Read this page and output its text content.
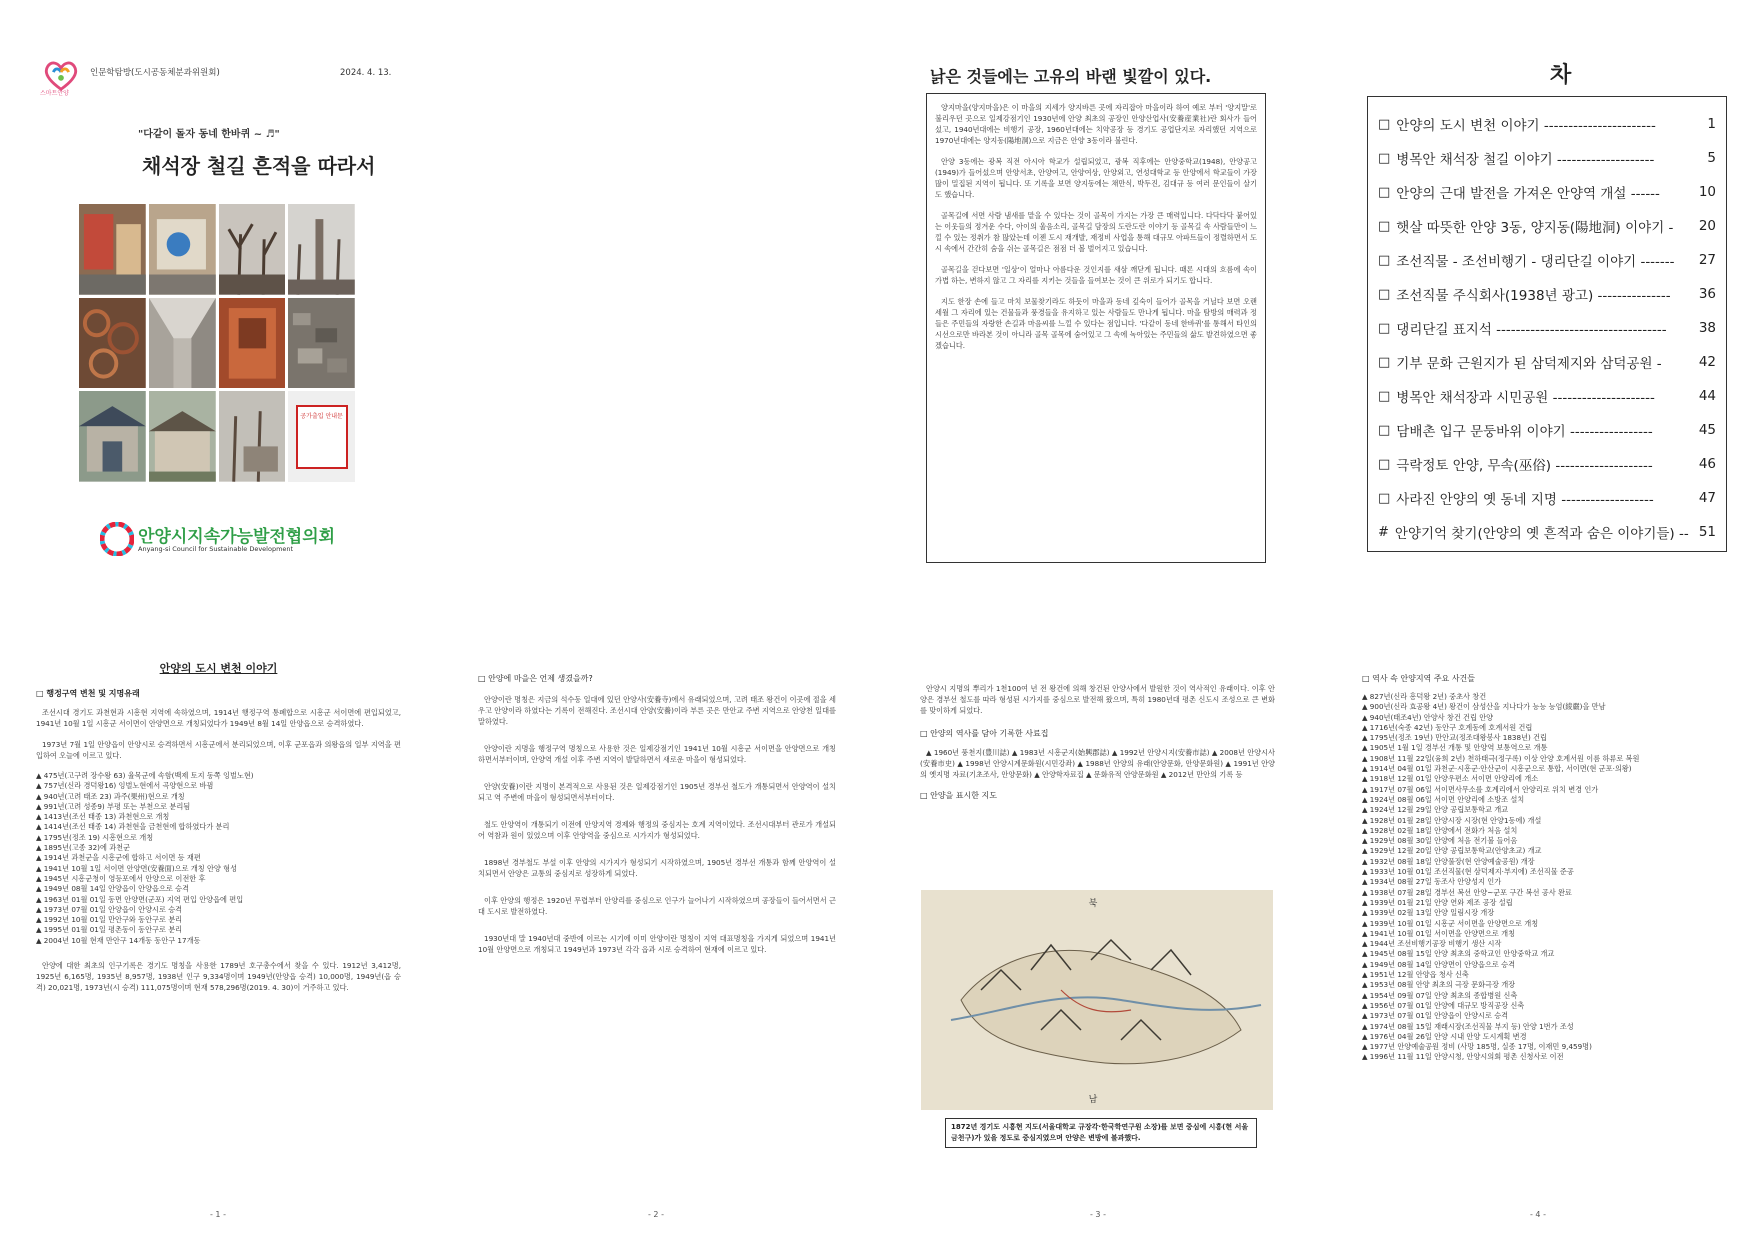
스마트안양
인문학탐방(도시공동체분과위원회)	2024. 4. 13.
"다같이 돌자 동네 한바퀴 ~ ♬"
채석장 철길 흔적을 따라서
공가출입 안내문
안양시지속가능발전협의회
Anyang-si Council for Sustainable Development
낡은 것들에는 고유의 바랜 빛깔이 있다.

양지마을(양지마을)은 이 마을의 지세가 양지바른 곳에 자리잡아 마을이라 하여 예로 부터 '양지말'로 불리우던 곳으로 일제강점기인 1930년에 안양 최초의 공장인 안양산업사(安養産業社)란 회사가 들어섰고, 1940년대에는 비행기 공장, 1960년대에는 치약공장 등 경기도 공업단지로 자리했던 지역으로 1970년대에는 양지동(陽地洞)으로 지금은 안양 3동이라 불린다.

안양 3동에는 광복 직전 아시아 학교가 설립되었고, 광복 직후에는 안양중학교(1948), 안양공고(1949)가 들어섰으며 안양서초, 안양여고, 안양여상, 안양외고, 연성대학교 등 안양에서 학교들이 가장 많이 밀집된 지역이 됩니다. 또 기록을 보면 양지동에는 채만식, 박두진, 김대규 등 여러 문인들이 살기도 했습니다.

골목길에 서면 사람 냄새를 맡을 수 있다는 것이 골목이 가지는 가장 큰 매력입니다. 다닥다닥 붙어있는 이웃들의 정겨운 수다, 아이의 울음소리, 골목길 담장의 도란도란 이야기 등 골목길 속 사람들만이 느낄 수 있는 정취가 참 많았는데 이젠 도시 재개발, 재정비 사업을 통해 대규모 아파트들이 정렬하면서 도시 속에서 간간히 숨을 쉬는 골목길은 점점 더 볼 벌어지고 있습니다.

골목길을 걷다보면 '일상'이 얼마나 아름다운 것인지를 새삼 깨닫게 됩니다. 때론 시대의 흐름에 속이 가볍 하는, 변하지 않고 그 자리를 지키는 것들을 들여보는 것이 큰 위로가 되기도 합니다.

지도 한장 손에 들고 마치 보물찾기라도 하듯이 마을과 동네 깊숙이 들어가 골목을 거닐다 보면 오랜 세월 그 자리에 있는 건물들과 풍경들을 유지하고 있는 사람들도 만나게 됩니다. 마을 탐방의 매력과 정들은 주민들의 자랑한 손길과 마음씨를 느낄 수 있다는 점입니다. '다같이 동네 한바퀴'를 통해서 타인의 시선으로만 바라본 것이 아니라 골목 골목에 숨어있고 그 속에 녹아있는 주민들의 삶도 발견하였으면 좋겠습니다.

차
□ 안양의 도시 변천 이야기 -----------------------	1
□ 병목안 채석장 철길 이야기 --------------------	5
□ 안양의 근대 발전을 가져온 안양역 개설 ------	10
□ 햇살 따뜻한 안양 3동, 양지동(陽地洞) 이야기 -	20
□ 조선직물 - 조선비행기 - 댕리단길 이야기 -------	27
□ 조선직물 주식회사(1938년 광고) ---------------	36
□ 댕리단길 표지석 -----------------------------------	38
□ 기부 문화 근원지가 된 삼덕제지와 삼덕공원 -	42
□ 병목안 채석장과 시민공원 ---------------------	44
□ 담배촌 입구 문둥바위 이야기 -----------------	45
□ 극락정토 안양, 무속(巫俗) --------------------	46
□ 사라진 안양의 옛 동네 지명 -------------------	47
# 안양기억 찾기(안양의 옛 흔적과 숨은 이야기들) -- 51
안양의 도시 변천 이야기
□ 행정구역 변천 및 지명유래

조선시대 경기도 과천현과 시흥현 지역에 속하였으며, 1914년 행정구역 통폐합으로 시흥군 서이면에 편입되었고, 1941년 10월 1일 시흥군 서이면이 안양면으로 개칭되었다가 1949년 8월 14일 안양읍으로 승격하였다.

1973년 7월 1일 안양읍이 안양시로 승격하면서 시흥군에서 분리되었으며, 이후 군포읍과 의왕읍의 일부 지역을 편입하여 오늘에 이르고 있다.

▲ 475년(고구려 장수왕 63) 율목군에 속함(백제 토지 동쪽 잉벌노현)
▲ 757년(신라 경덕왕16) 잉벌노현에서 곡양현으로 바뀜
▲ 940년(고려 태조 23) 과주(果州)현으로 개칭
▲ 991년(고려 성종9) 부평 또는 부천으로 분리됨
▲ 1413년(조선 태종 13) 과천현으로 개칭
▲ 1414년(조선 태종 14) 과천현을 금천현에 합하였다가 분리
▲ 1795년(정조 19) 시흥현으로 개칭
▲ 1895년(고종 32)에 과천군
▲ 1914년 과천군을 시흥군에 합하고 서이면 등 재편
▲ 1941년 10월 1일 서이면 안양면(安養面)으로 개칭 안양 형성
▲ 1945년 시흥군청이 영등포에서 안양으로 이전한 후
▲ 1949년 08월 14일 안양읍이 안양읍으로 승격
▲ 1963년 01월 01일 동면 안양면(군포) 지역 편입 안양읍에 편입
▲ 1973년 07월 01일 안양읍이 안양시로 승격
▲ 1992년 10월 01일 만안구와 동안구로 분리
▲ 1995년 01월 01일 평촌동이 동안구로 분리
▲ 2004년 10월 현재 만안구 14개동 동안구 17개동

안양에 대한 최초의 인구기록은 경기도 명칭을 사용한 1789년 호구총수에서 찾을 수 있다. 1912년 3,412명, 1925년 6,165명, 1935년 8,957명, 1938년 인구 9,334명이며 1949년(안양읍 승격) 10,000명, 1949년(읍 승격) 20,021명, 1973년(시 승격) 111,075명이며 현재 578,296명(2019. 4. 30)이 거주하고 있다.

- 1 -
□ 안양에 마을은 언제 생겼을까?

안양이란 명칭은 지금의 석수동 일대에 있던 안양사(安養寺)에서 유래되었으며, 고려 태조 왕건이 이곳에 절을 세우고 안양이라 하였다는 기록이 전해진다. 조선시대 안양(安養)이라 부른 곳은 만안교 주변 지역으로 안양천 일대를 말하였다.

안양이란 지명을 행정구역 명칭으로 사용한 것은 일제강점기인 1941년 10월 시흥군 서이면을 안양면으로 개칭하면서부터이며, 안양역 개설 이후 주변 지역이 발달하면서 새로운 마을이 형성되었다.

안양(安養)이란 지명이 본격적으로 사용된 것은 일제강점기인 1905년 경부선 철도가 개통되면서 안양역이 설치되고 역 주변에 마을이 형성되면서부터이다.

철도 안양역이 개통되기 이전에 안양지역 경제와 행정의 중심지는 호계 지역이었다. 조선시대부터 관로가 개설되어 역참과 원이 있었으며 이후 안양역을 중심으로 시가지가 형성되었다.

1898년 경부철도 부설 이후 안양의 시가지가 형성되기 시작하였으며, 1905년 경부선 개통과 함께 안양역이 설치되면서 안양은 교통의 중심지로 성장하게 되었다.

이후 안양의 행정은 1920년 무렵부터 안양리를 중심으로 인구가 늘어나기 시작하였으며 공장들이 들어서면서 근대 도시로 발전하였다.

1930년대 말 1940년대 중반에 이르는 시기에 이미 안양이란 명칭이 지역 대표명칭을 가지게 되었으며 1941년 10월 안양면으로 개칭되고 1949년과 1973년 각각 읍과 시로 승격하여 현재에 이르고 있다.

- 2 -

안양시 지명의 뿌리가 1천100여 년 전 왕건에 의해 창건된 안양사에서 발원한 것이 역사적인 유래이다. 이후 안양은 경부선 철도를 따라 형성된 시가지를 중심으로 발전해 왔으며, 특히 1980년대 평촌 신도시 조성으로 큰 변화를 맞이하게 되었다.

□ 안양의 역사를 담아 기록한 사료집

▲ 1960년 풍천지(豊川誌) ▲ 1983년 시흥군지(始興郡誌) ▲ 1992년 안양시지(安養市誌) ▲ 2008년 안양시사(安養市史) ▲ 1998년 안양시계문화원(시민강좌) ▲ 1988년 안양의 유래(안양문화, 안양문화원) ▲ 1991년 안양의 옛지명 자료(기초조사, 안양문화) ▲ 안양학자료집 ▲ 문화유적 안양문화원 ▲ 2012년 만안의 기록 등

□ 안양을 표시한 지도
북
남
1872년 경기도 시흥현 지도(서울대학교 규장각·한국학연구원 소장)를 보면 중심에 시흥(현 서울 금천구)가 있을 정도로 중심지였으며 안양은 변방에 불과했다.
- 3 -
□ 역사 속 안양지역 주요 사건들
▲ 827년(신라 흥덕왕 2년) 중초사 창건
▲ 900년(신라 효공왕 4년) 왕건이 삼성산을 지나다가 능능 능엄(綾嚴)을 만남
▲ 940년(태조4년) 안양사 창건 건립 안양
▲ 1716년(숙종 42년) 동안구 호계동에 호계서원 건립
▲ 1795년(정조 19년) 만안교(정조대왕봉사 1838년) 건립
▲ 1905년 1월 1일 경부선 개통 및 안양역 보통역으로 개통
▲ 1908년 11월 22일(융희 2년) 천하태극(정구록) 이상 안양 호계서원 이름 하류로 복원
▲ 1914년 04월 01일 과천군·시흥군·안산군이 시흥군으로 통합, 서이면(현 군포·의왕)
▲ 1918년 12월 01일 안양우편소 서이면 안양리에 개소
▲ 1917년 07월 06일 서이면사무소를 호계리에서 안양리로 위치 변경 인가
▲ 1924년 08월 06일 서이면 안양리에 소방조 설치
▲ 1924년 12월 29일 안양 공립보통학교 개교
▲ 1928년 01월 28일 안양시장 시장(현 안양1동에) 개설
▲ 1928년 02월 18일 안양에서 전화가 처음 설치
▲ 1929년 08월 30일 안양에 처음 전기불 들어옴
▲ 1929년 12월 20일 안양 공립보통학교(안양초교) 개교
▲ 1932년 08월 18일 안양풀장(현 안양예술공원) 개장
▲ 1933년 10월 01일 조선직물(현 삼덕제지·부지에) 조선직물 준공
▲ 1934년 08월 27일 동조사 안양성지 인가
▲ 1938년 07월 28일 경부선 복선 안양~군포 구간 복선 공사 완료
▲ 1939년 01월 21일 안양 연와 제조 공장 설립
▲ 1939년 02월 13일 안양 일림시장 개장
▲ 1939년 10월 01일 시흥군 서이면을 안양면으로 개칭
▲ 1941년 10월 01일 서이면을 안양면으로 개칭
▲ 1944년 조선비행기공장 비행기 생산 시작
▲ 1945년 08월 15일 안양 최초의 중학교인 안양중학교 개교
▲ 1949년 08월 14일 안양면이 안양읍으로 승격
▲ 1951년 12월 안양읍 청사 신축
▲ 1953년 08월 안양 최초의 극장 문화극장 개장
▲ 1954년 09월 07일 안양 최초의 종합병원 신축
▲ 1956년 07월 01일 안양에 대규모 방직공장 신축
▲ 1973년 07월 01일 안양읍이 안양시로 승격
▲ 1974년 08월 15일 재래시장(조선직물 부지 등) 안양 1번가 조성
▲ 1976년 04월 26일 안양 시내 안양 도시계획 변경
▲ 1977년 안양예술공원 정비 (사망 185명, 실종 17명, 이재민 9,459명)
▲ 1996년 11월 11일 안양시청, 안양시의회 평촌 신청사로 이전
- 4 -
